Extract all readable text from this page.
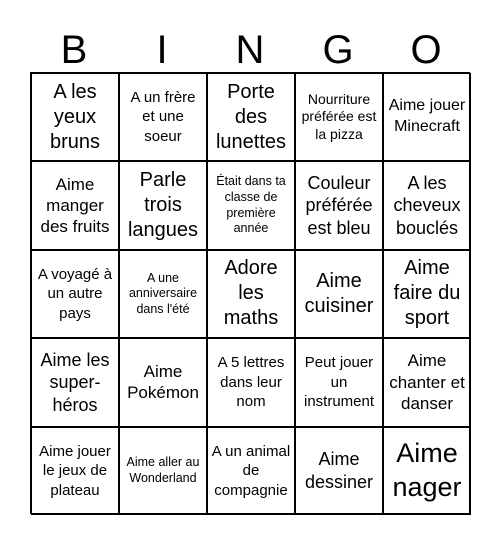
B	I	N	G	O
A les yeux bruns
A un frère et une soeur
Porte des lunettes
Nourriture préférée est la pizza
Aime jouer Minecraft
Aime manger des fruits
Parle trois langues
Était dans ta classe de première année
Couleur préférée est bleu
A les cheveux bouclés
A voyagé à un autre pays
A une anniversaire dans l'été
Adore les maths
Aime cuisiner
Aime faire du sport
Aime les super-héros
Aime Pokémon
A 5 lettres dans leur nom
Peut jouer un instrument
Aime chanter et danser
Aime jouer le jeux de plateau
Aime aller au Wonderland
A un animal de compagnie
Aime dessiner
Aime nager
